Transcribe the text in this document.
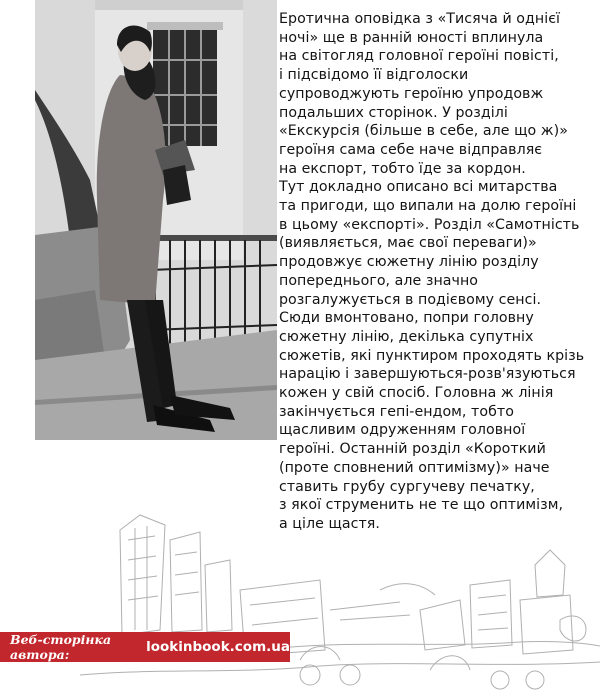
Еротична оповідка з «Тисяча й однієї
ночі» ще в ранній юності вплинула
на світогляд головної героїні повісті,
і підсвідомо її відголоски
супроводжують героїню упродовж
подальших сторінок. У розділі
«Екскурсія (більше в себе, але що ж)»
героїня сама себе наче відправляє
на експорт, тобто їде за кордон.
Тут докладно описано всі митарства
та пригоди, що випали на долю героїні
в цьому «експорті». Розділ «Самотність
(виявляється, має свої переваги)»
продовжує сюжетну лінію розділу
попереднього, але значно
розгалужується в подієвому сенсі.
Сюди вмонтовано, попри головну
сюжетну лінію, декілька супутніх
сюжетів, які пунктиром проходять крізь
нарацію і завершуються-розв'язуються
кожен у свій спосіб. Головна ж лінія
закінчується гепі-ендом, тобто
щасливим одруженням головної
героїні. Останній розділ «Короткий
(проте сповнений оптимізму)» наче
ставить грубу сургучеву печатку,
з якої струменить не те що оптимізм,
а ціле щастя.
Веб-сторінка автора:	lookinbook.com.ua
